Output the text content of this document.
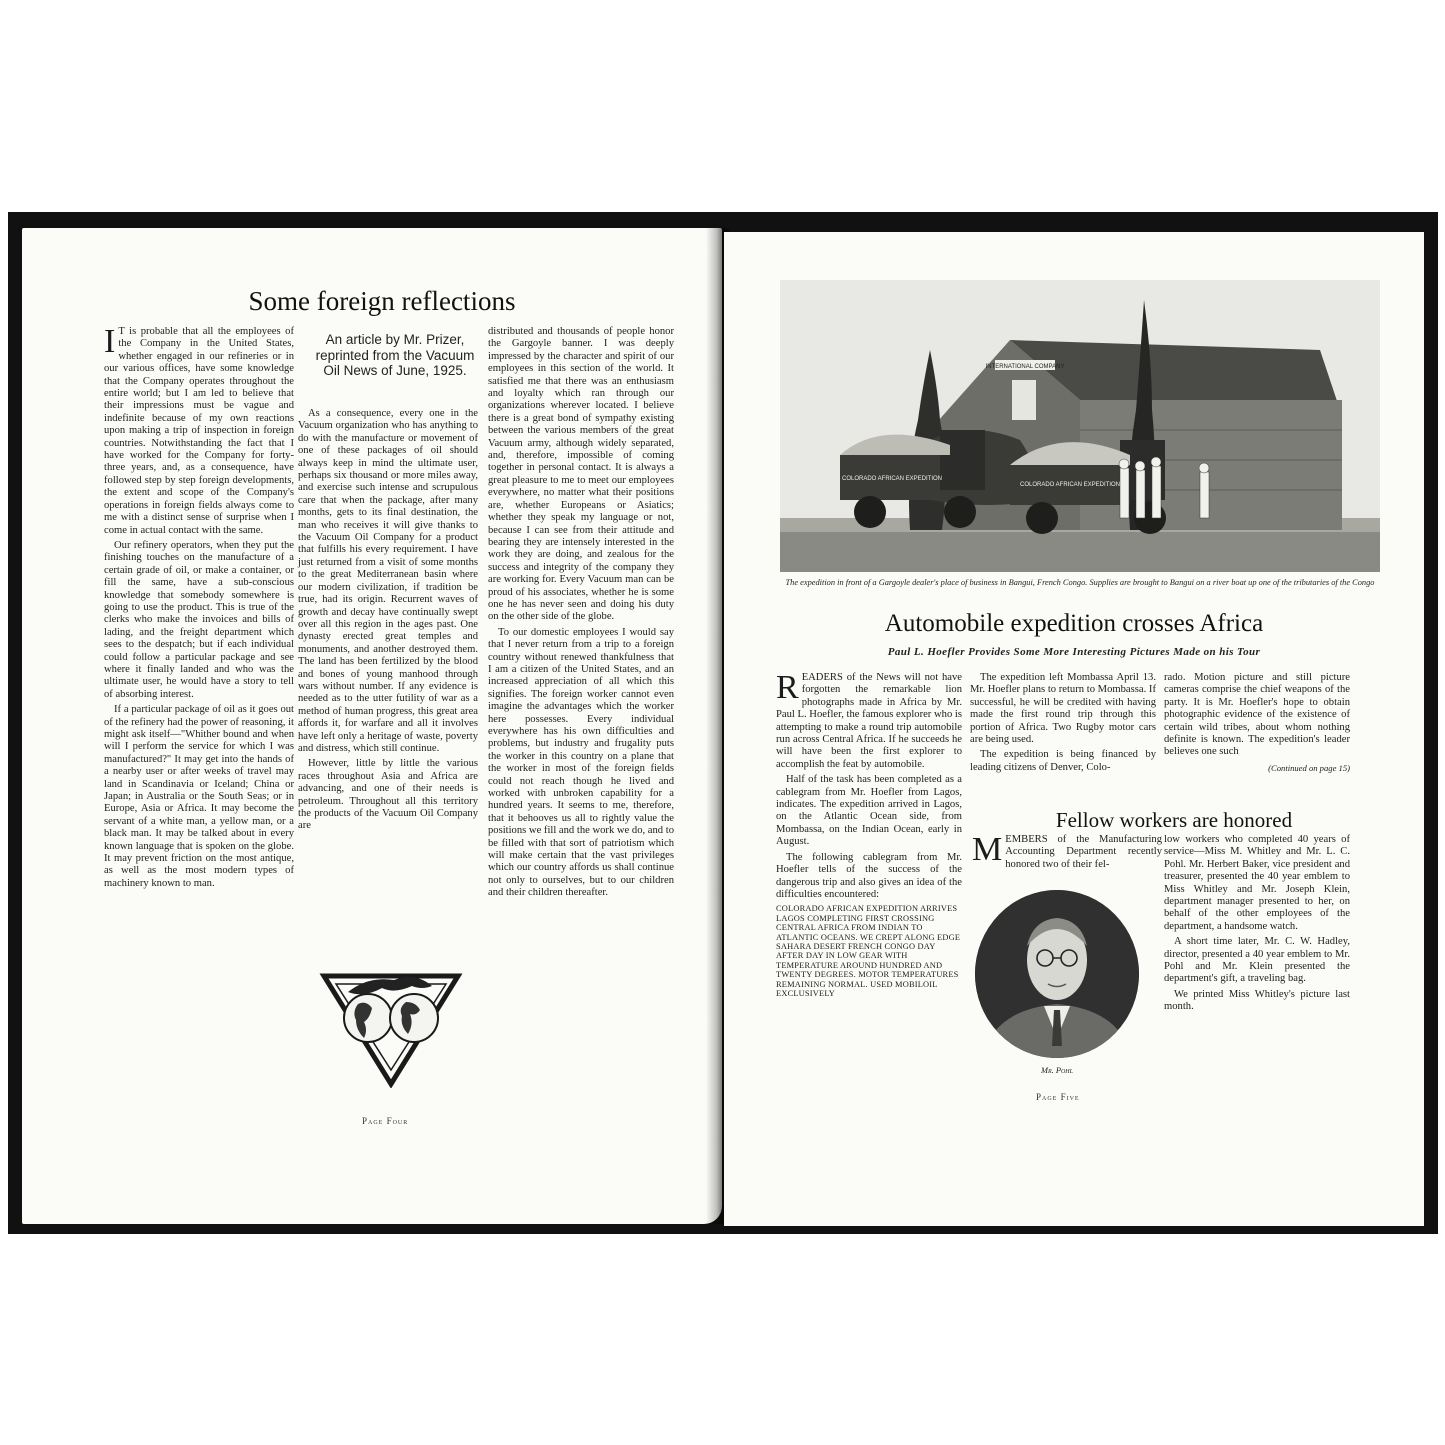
Some foreign reflections

I T is probable that all the employees of the Company in the United States, whether engaged in our refineries or in our various offices, have some knowledge that the Company operates throughout the entire world; but I am led to believe that their impressions must be vague and indefinite because of my own reactions upon making a trip of inspection in foreign countries. Notwithstanding the fact that I have worked for the Company for forty-three years, and, as a consequence, have followed step by step foreign developments, the extent and scope of the Company's operations in foreign fields always come to me with a distinct sense of surprise when I come in actual contact with the same.

Our refinery operators, when they put the finishing touches on the manufacture of a certain grade of oil, or make a container, or fill the same, have a sub-conscious knowledge that somebody somewhere is going to use the product. This is true of the clerks who make the invoices and bills of lading, and the freight department which sees to the despatch; but if each individual could follow a particular package and see where it finally landed and who was the ultimate user, he would have a story to tell of absorbing interest.

If a particular package of oil as it goes out of the refinery had the power of reasoning, it might ask itself—"Whither bound and when will I perform the service for which I was manufactured?" It may get into the hands of a nearby user or after weeks of travel may land in Scandinavia or Iceland; China or Japan; in Australia or the South Seas; or in Europe, Asia or Africa. It may become the servant of a white man, a yellow man, or a black man. It may be talked about in every known language that is spoken on the globe. It may prevent friction on the most antique, as well as the most modern types of machinery known to man.

An article by Mr. Prizer, reprinted from the Vacuum Oil News of June, 1925.

As a consequence, every one in the Vacuum organization who has anything to do with the manufacture or movement of one of these packages of oil should always keep in mind the ultimate user, perhaps six thousand or more miles away, and exercise such intense and scrupulous care that when the package, after many months, gets to its final destination, the man who receives it will give thanks to the Vacuum Oil Company for a product that fulfills his every requirement. I have just returned from a visit of some months to the great Mediterranean basin where our modern civilization, if tradition be true, had its origin. Recurrent waves of growth and decay have continually swept over all this region in the ages past. One dynasty erected great temples and monuments, and another destroyed them. The land has been fertilized by the blood and bones of young manhood through wars without number. If any evidence is needed as to the utter futility of war as a method of human progress, this great area affords it, for warfare and all it involves have left only a heritage of waste, poverty and distress, which still continue.

However, little by little the various races throughout Asia and Africa are advancing, and one of their needs is petroleum. Throughout all this territory the products of the Vacuum Oil Company are

distributed and thousands of people honor the Gargoyle banner. I was deeply impressed by the character and spirit of our employees in this section of the world. It satisfied me that there was an enthusiasm and loyalty which ran through our organizations wherever located. I believe there is a great bond of sympathy existing between the various members of the great Vacuum army, although widely separated, and, therefore, impossible of coming together in personal contact. It is always a great pleasure to me to meet our employees everywhere, no matter what their positions are, whether Europeans or Asiatics; whether they speak my language or not, because I can see from their attitude and bearing they are intensely interested in the work they are doing, and zealous for the success and integrity of the company they are working for. Every Vacuum man can be proud of his associates, whether he is some one he has never seen and doing his duty on the other side of the globe.

To our domestic employees I would say that I never return from a trip to a foreign country without renewed thankfulness that I am a citizen of the United States, and an increased appreciation of all which this signifies. The foreign worker cannot even imagine the advantages which the worker here possesses. Every individual everywhere has his own difficulties and problems, but industry and frugality puts the worker in this country on a plane that the worker in most of the foreign fields could not reach though he lived and worked with unbroken capability for a hundred years. It seems to me, therefore, that it behooves us all to rightly value the positions we fill and the work we do, and to be filled with that sort of patriotism which will make certain that the vast privileges which our country affords us shall continue not only to ourselves, but to our children and their children thereafter.

Page Four
INTERNATIONAL COMPANY
COLORADO AFRICAN EXPEDITION
COLORADO AFRICAN EXPEDITION
The expedition in front of a Gargoyle dealer's place of business in Bangui, French Congo. Supplies are brought to Bangui on a river boat up one of the tributaries of the Congo
Automobile expedition crosses Africa
Paul L. Hoefler Provides Some More Interesting Pictures Made on his Tour

READERS of the News will not have forgotten the remarkable lion photographs made in Africa by Mr. Paul L. Hoefler, the famous explorer who is attempting to make a round trip automobile run across Central Africa. If he succeeds he will have been the first explorer to accomplish the feat by automobile.

Half of the task has been completed as a cablegram from Mr. Hoefler from Lagos, indicates. The expedition arrived in Lagos, on the Atlantic Ocean side, from Mombassa, on the Indian Ocean, early in August.

The following cablegram from Mr. Hoefler tells of the success of the dangerous trip and also gives an idea of the difficulties encountered:

COLORADO AFRICAN EXPEDITION ARRIVES LAGOS COMPLETING FIRST CROSSING CENTRAL AFRICA FROM INDIAN TO ATLANTIC OCEANS. WE CREPT ALONG EDGE SAHARA DESERT FRENCH CONGO DAY AFTER DAY IN LOW GEAR WITH TEMPERATURE AROUND HUNDRED AND TWENTY DEGREES. MOTOR TEMPERATURES REMAINING NORMAL. USED MOBILOIL EXCLUSIVELY

The expedition left Mombassa April 13. Mr. Hoefler plans to return to Mombassa. If successful, he will be credited with having made the first round trip through this portion of Africa. Two Rugby motor cars are being used.

The expedition is being financed by leading citizens of Denver, Colo-

rado. Motion picture and still picture cameras comprise the chief weapons of the party. It is Mr. Hoefler's hope to obtain photographic evidence of the existence of certain wild tribes, about whom nothing definite is known. The expedition's leader believes one such

(Continued on page 15)
Fellow workers are honored

MEMBERS of the Manufacturing Accounting Department recently honored two of their fel-

Mr. Pohl

low workers who completed 40 years of service—Miss M. Whitley and Mr. L. C. Pohl. Mr. Herbert Baker, vice president and treasurer, presented the 40 year emblem to Miss Whitley and Mr. Joseph Klein, department manager presented to her, on behalf of the other employees of the department, a handsome watch.

A short time later, Mr. C. W. Hadley, director, presented a 40 year emblem to Mr. Pohl and Mr. Klein presented the department's gift, a traveling bag.

We printed Miss Whitley's picture last month.

Page Five
